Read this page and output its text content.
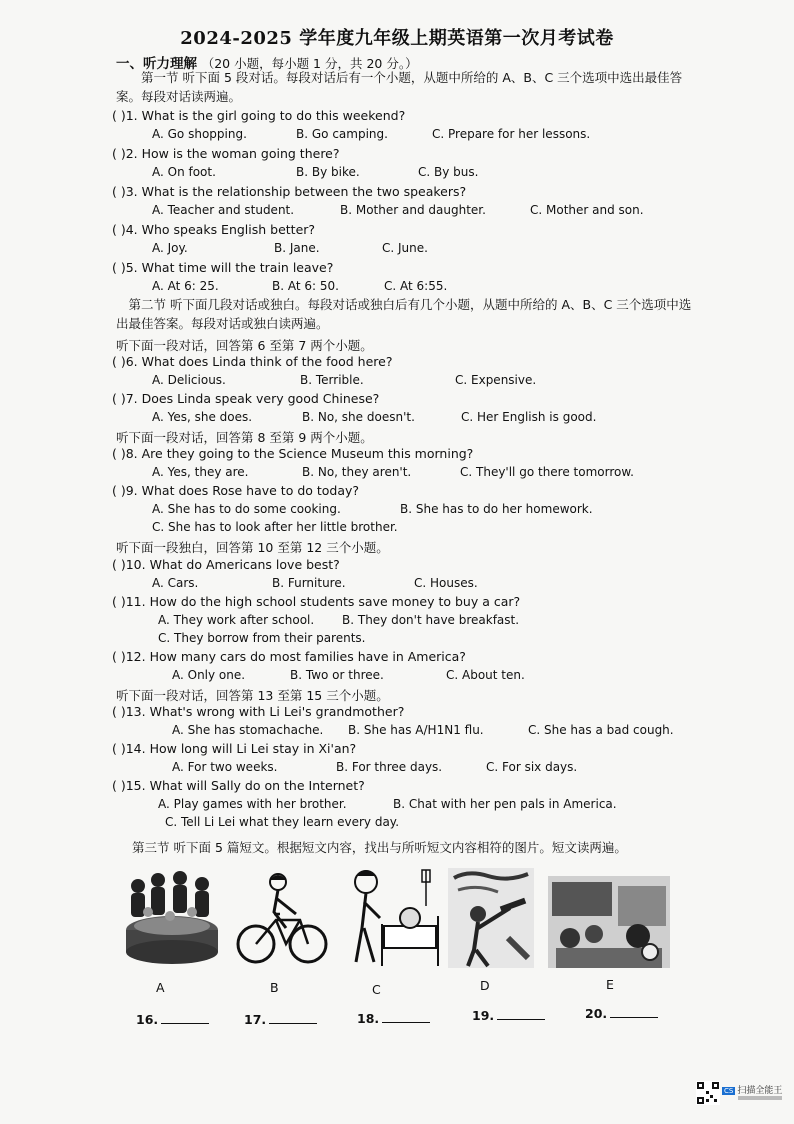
2024-2025 学年度九年级上期英语第一次月考试卷
一、听力理解 （20 小题，每小题 1 分，共 20 分。）
第一节 听下面 5 段对话。每段对话后有一个小题，从题中所给的 A、B、C 三个选项中选出最佳答案。每段对话读两遍。
( )1. What is the girl going to do this weekend?
A. Go shopping.	B. Go camping.	C. Prepare for her lessons.
( )2. How is the woman going there?
A. On foot.	B. By bike.	C. By bus.
( )3. What is the relationship between the two speakers?
A. Teacher and student.	B. Mother and daughter.	C. Mother and son.
( )4. Who speaks English better?
A. Joy.	B. Jane.	C. June.
( )5. What time will the train leave?
A. At 6: 25.	B. At 6: 50.	C. At 6:55.
第二节 听下面几段对话或独白。每段对话或独白后有几个小题，从题中所给的 A、B、C 三个选项中选出最佳答案。每段对话或独白读两遍。
听下面一段对话，回答第 6 至第 7 两个小题。
( )6. What does Linda think of the food here?
A. Delicious.	B. Terrible.	C. Expensive.
( )7. Does Linda speak very good Chinese?
A. Yes, she does.	B. No, she doesn't.	C. Her English is good.
听下面一段对话，回答第 8 至第 9 两个小题。
( )8. Are they going to the Science Museum this morning?
A. Yes, they are.	B. No, they aren't.	C. They'll go there tomorrow.
( )9. What does Rose have to do today?
A. She has to do some cooking.	B. She has to do her homework.
C. She has to look after her little brother.
听下面一段独白，回答第 10 至第 12 三个小题。
( )10. What do Americans love best?
A. Cars.	B. Furniture.	C. Houses.
( )11. How do the high school students save money to buy a car?
A. They work after school. B. They don't have breakfast.
C. They borrow from their parents.
( )12. How many cars do most families have in America?
A. Only one.	B. Two or three.	C. About ten.
听下面一段对话，回答第 13 至第 15 三个小题。
( )13. What's wrong with Li Lei's grandmother?
A. She has stomachache. B. She has A/H1N1 flu.	C. She has a bad cough.
( )14. How long will Li Lei stay in Xi'an?
A. For two weeks.	B. For three days.	C. For six days.
( )15. What will Sally do on the Internet?
A. Play games with her brother.	B. Chat with her pen pals in America.
C. Tell Li Lei what they learn every day.
第三节 听下面 5 篇短文。根据短文内容，找出与所听短文内容相符的图片。短文读两遍。
A	B	C	D	E
16.	17.	18.	19.	20.
CS 扫描全能王
